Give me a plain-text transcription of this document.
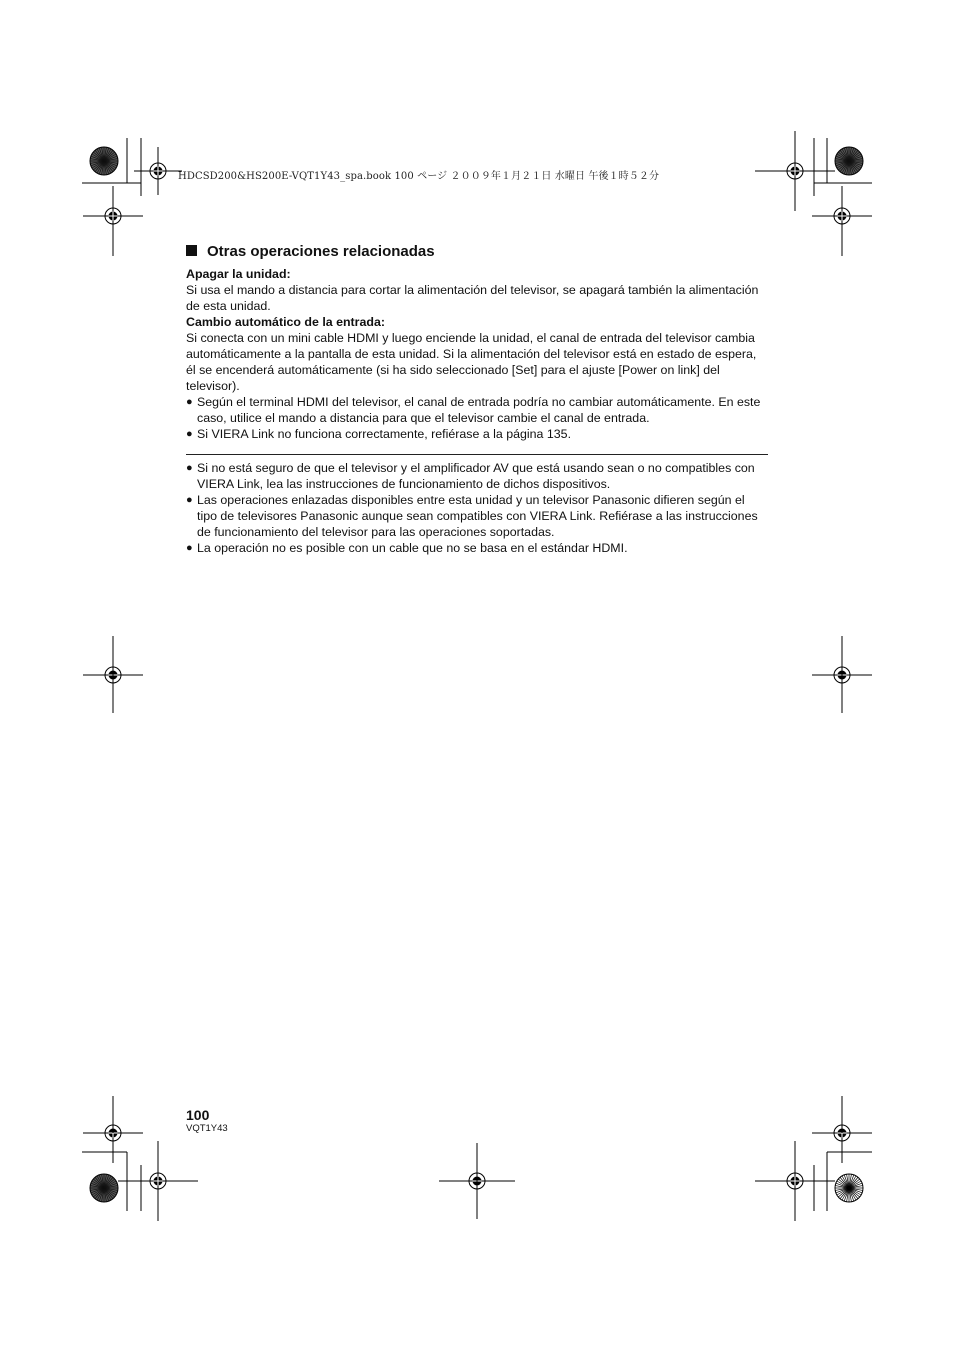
HDCSD200&HS200E-VQT1Y43_spa.book 100 ページ ２００９年１月２１日 水曜日 午後１時５２分
Otras operaciones relacionadas

Apagar la unidad:

Si usa el mando a distancia para cortar la alimentación del televisor, se apagará también la alimentación de esta unidad.

Cambio automático de la entrada:

Si conecta con un mini cable HDMI y luego enciende la unidad, el canal de entrada del televisor cambia automáticamente a la pantalla de esta unidad. Si la alimentación del televisor está en estado de espera, él se encenderá automáticamente (si ha sido seleccionado [Set] para el ajuste [Power on link] del televisor).

● Según el terminal HDMI del televisor, el canal de entrada podría no cambiar automáticamente. En este caso, utilice el mando a distancia para que el televisor cambie el canal de entrada.

● Si VIERA Link no funciona correctamente, refiérase a la página 135.

● Si no está seguro de que el televisor y el amplificador AV que está usando sean o no compatibles con VIERA Link, lea las instrucciones de funcionamiento de dichos dispositivos.

● Las operaciones enlazadas disponibles entre esta unidad y un televisor Panasonic difieren según el tipo de televisores Panasonic aunque sean compatibles con VIERA Link. Refiérase a las instrucciones de funcionamiento del televisor para las operaciones soportadas.

● La operación no es posible con un cable que no se basa en el estándar HDMI.

100
VQT1Y43
